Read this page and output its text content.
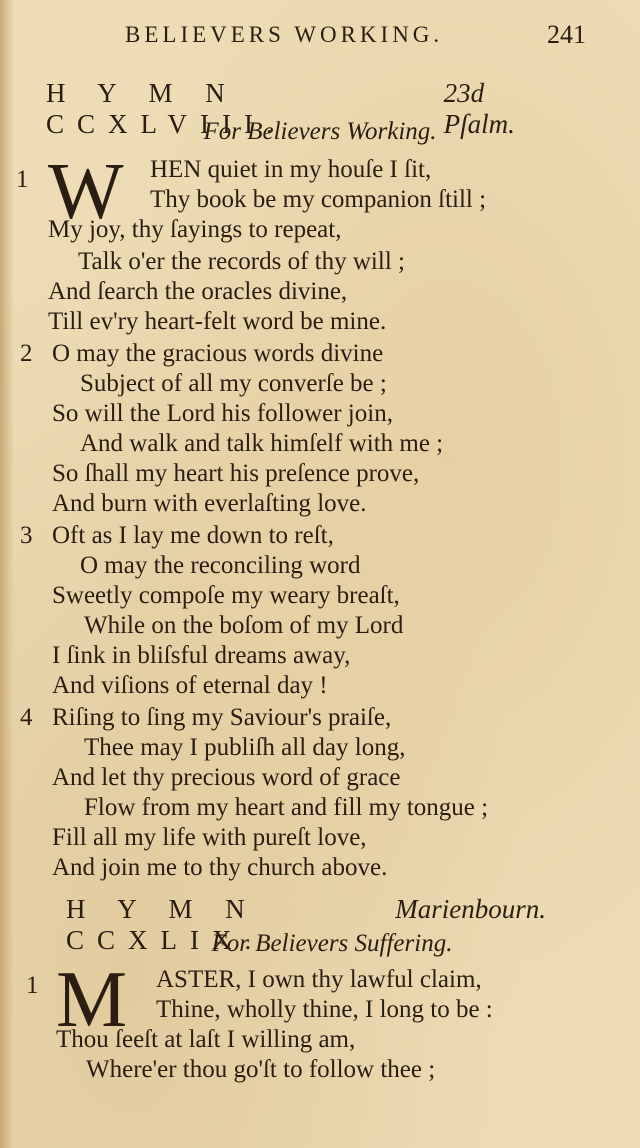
BELIEVERS WORKING.	241
H Y M N CCXLVIII.
23d Pſalm.
For Believers Working.
1 W HEN quiet in my houſe I ſit,
Thy book be my companion ſtill ;
My joy, thy ſayings to repeat,
Talk o'er the records of thy will ;
And ſearch the oracles divine,
Till ev'ry heart-felt word be mine.
2 O may the gracious words divine
Subject of all my converſe be ;
So will the Lord his follower join,
And walk and talk himſelf with me ;
So ſhall my heart his preſence prove,
And burn with everlaſting love.
3 Oft as I lay me down to reſt,
O may the reconciling word
Sweetly compoſe my weary breaſt,
While on the boſom of my Lord
I ſink in bliſsful dreams away,
And viſions of eternal day !
4 Riſing to ſing my Saviour's praiſe,
Thee may I publiſh all day long,
And let thy precious word of grace
Flow from my heart and fill my tongue ;
Fill all my life with pureſt love,
And join me to thy church above.
H Y M N CCXLIX.
Marienbourn.
For Believers Suffering.
1 M ASTER, I own thy lawful claim,
Thine, wholly thine, I long to be :
Thou ſeeſt at laſt I willing am,
Where'er thou go'ſt to follow thee ;
